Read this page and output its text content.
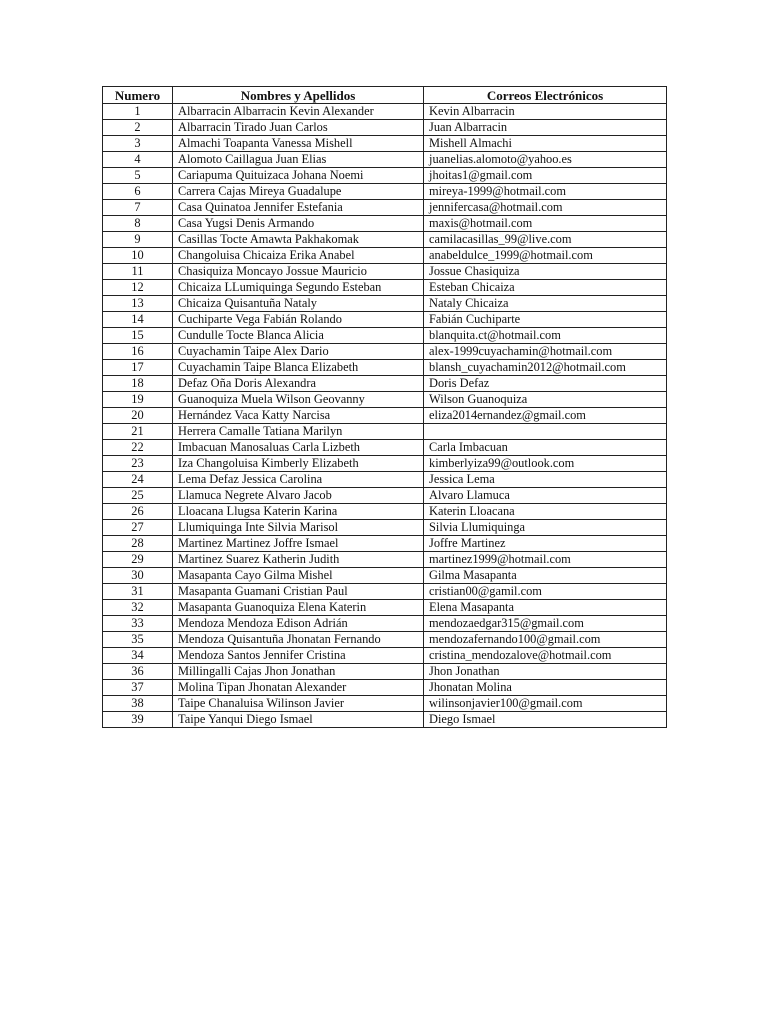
Numero	Nombres y Apellidos	Correos Electrónicos
1	Albarracin Albarracin Kevin Alexander	Kevin Albarracin
2	Albarracin Tirado Juan Carlos	Juan Albarracin
3	Almachi Toapanta Vanessa Mishell	Mishell Almachi
4	Alomoto Caillagua Juan Elias	juanelias.alomoto@yahoo.es
5	Cariapuma Quituizaca Johana Noemi	jhoitas1@gmail.com
6	Carrera Cajas Mireya Guadalupe	mireya-1999@hotmail.com
7	Casa Quinatoa Jennifer Estefania	jennifercasa@hotmail.com
8	Casa Yugsi Denis Armando	maxis@hotmail.com
9	Casillas Tocte Amawta Pakhakomak	camilacasillas_99@live.com
10	Changoluisa Chicaiza Erika Anabel	anabeldulce_1999@hotmail.com
11	Chasiquiza Moncayo Jossue Mauricio	Jossue Chasiquiza
12	Chicaiza LLumiquinga Segundo Esteban	Esteban Chicaiza
13	Chicaiza Quisantuña Nataly	Nataly Chicaiza
14	Cuchiparte Vega Fabián Rolando	Fabián Cuchiparte
15	Cundulle Tocte Blanca Alicia	blanquita.ct@hotmail.com
16	Cuyachamin Taipe Alex Dario	alex-1999cuyachamin@hotmail.com
17	Cuyachamin Taipe Blanca Elizabeth	blansh_cuyachamin2012@hotmail.com
18	Defaz Oña Doris Alexandra	Doris Defaz
19	Guanoquiza Muela Wilson Geovanny	Wilson Guanoquiza
20	Hernández Vaca Katty Narcisa	eliza2014ernandez@gmail.com
21	Herrera Camalle Tatiana Marilyn	
22	Imbacuan Manosaluas Carla Lizbeth	Carla Imbacuan
23	Iza Changoluisa Kimberly Elizabeth	kimberlyiza99@outlook.com
24	Lema Defaz Jessica Carolina	Jessica Lema
25	Llamuca Negrete Alvaro Jacob	Alvaro Llamuca
26	Lloacana Llugsa Katerin Karina	Katerin Lloacana
27	Llumiquinga Inte Silvia Marisol	Silvia Llumiquinga
28	Martinez Martinez Joffre Ismael	Joffre Martinez
29	Martinez Suarez Katherin Judith	martinez1999@hotmail.com
30	Masapanta Cayo Gilma Mishel	Gilma Masapanta
31	Masapanta Guamani Cristian Paul	cristian00@gamil.com
32	Masapanta Guanoquiza Elena Katerin	Elena Masapanta
33	Mendoza Mendoza Edison Adrián	mendozaedgar315@gmail.com
35	Mendoza Quisantuña Jhonatan Fernando	mendozafernando100@gmail.com
34	Mendoza Santos Jennifer Cristina	cristina_mendozalove@hotmail.com
36	Millingalli Cajas Jhon Jonathan	Jhon Jonathan
37	Molina Tipan Jhonatan Alexander	Jhonatan Molina
38	Taipe Chanaluisa Wilinson Javier	wilinsonjavier100@gmail.com
39	Taipe Yanqui Diego Ismael	Diego Ismael
